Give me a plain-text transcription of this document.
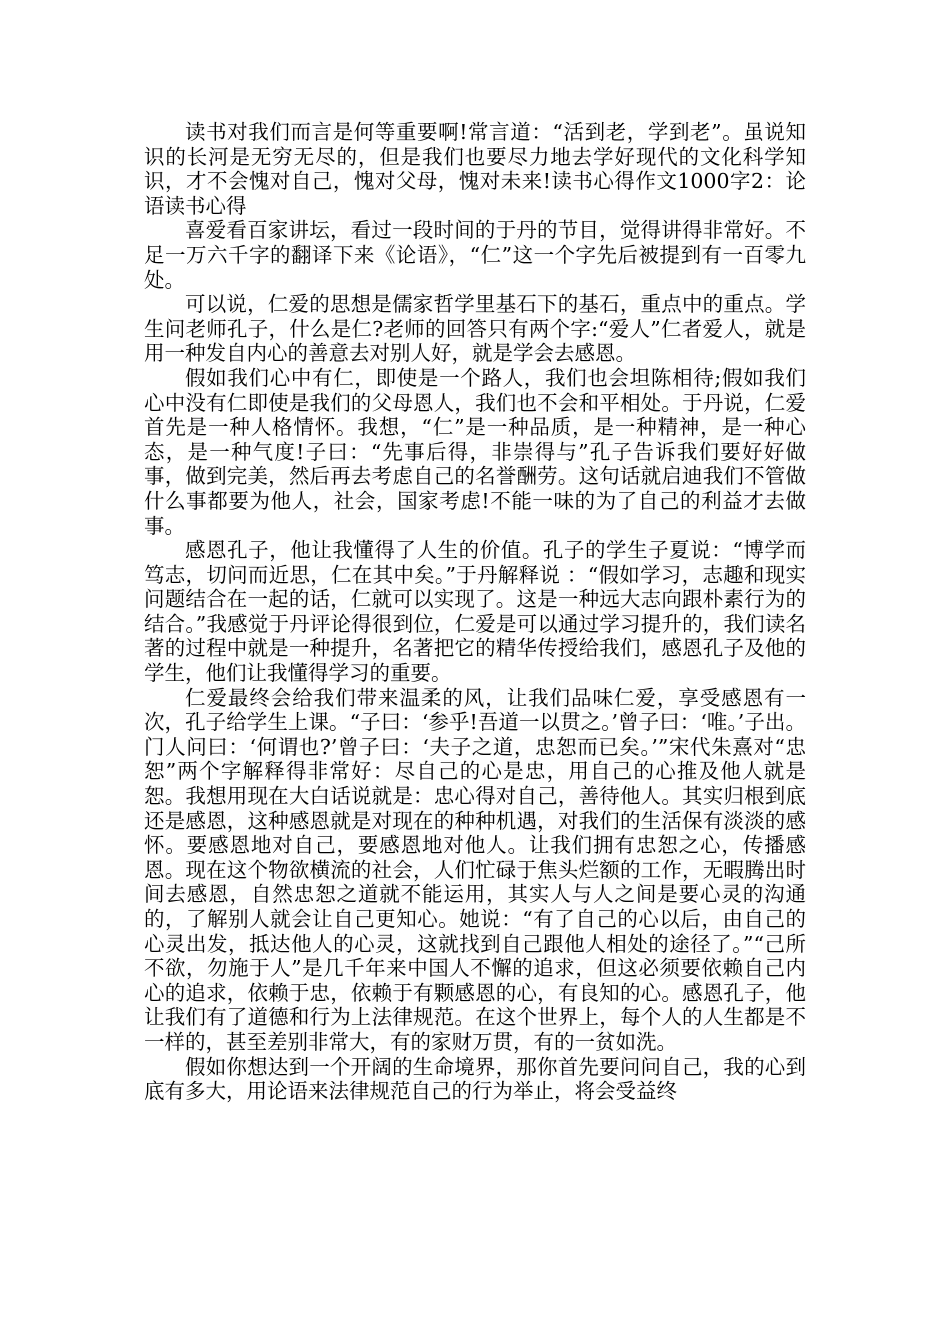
读书对我们而言是何等重要啊!常言道：“活到老，学到老”。虽说知识的长河是无穷无尽的，但是我们也要尽力地去学好现代的文化科学知识，才不会愧对自己，愧对父母，愧对未来!读书心得作文1000字2：论语读书心得

喜爱看百家讲坛，看过一段时间的于丹的节目，觉得讲得非常好。不足一万六千字的翻译下来《论语》，“仁”这一个字先后被提到有一百零九处。

可以说，仁爱的思想是儒家哲学里基石下的基石，重点中的重点。学生问老师孔子，什么是仁?老师的回答只有两个字:“爱人”仁者爱人，就是用一种发自内心的善意去对别人好，就是学会去感恩。

假如我们心中有仁，即使是一个路人，我们也会坦陈相待;假如我们心中没有仁即使是我们的父母恩人，我们也不会和平相处。于丹说，仁爱首先是一种人格情怀。我想，“仁”是一种品质，是一种精神，是一种心态，是一种气度!子曰：“先事后得，非崇得与”孔子告诉我们要好好做事，做到完美，然后再去考虑自己的名誉酬劳。这句话就启迪我们不管做什么事都要为他人，社会，国家考虑!不能一味的为了自己的利益才去做事。

感恩孔子，他让我懂得了人生的价值。孔子的学生子夏说：“博学而笃志，切问而近思，仁在其中矣。”于丹解释说 ：“假如学习，志趣和现实问题结合在一起的话，仁就可以实现了。这是一种远大志向跟朴素行为的结合。”我感觉于丹评论得很到位，仁爱是可以通过学习提升的，我们读名著的过程中就是一种提升，名著把它的精华传授给我们，感恩孔子及他的学生，他们让我懂得学习的重要。

仁爱最终会给我们带来温柔的风，让我们品味仁爱，享受感恩有一次，孔子给学生上课。“子曰：‘参乎!吾道一以贯之。’曾子曰：‘唯。’子出。门人问曰：‘何谓也?’曾子曰：‘夫子之道，忠恕而已矣。’”宋代朱熹对“忠恕”两个字解释得非常好：尽自己的心是忠，用自己的心推及他人就是恕。我想用现在大白话说就是：忠心得对自己，善待他人。其实归根到底还是感恩，这种感恩就是对现在的种种机遇，对我们的生活保有淡淡的感怀。要感恩地对自己，要感恩地对他人。让我们拥有忠恕之心，传播感恩。现在这个物欲横流的社会，人们忙碌于焦头烂额的工作，无暇腾出时间去感恩，自然忠恕之道就不能运用，其实人与人之间是要心灵的沟通的，了解别人就会让自己更知心。她说：“有了自己的心以后，由自己的心灵出发，抵达他人的心灵，这就找到自己跟他人相处的途径了。”“己所不欲，勿施于人”是几千年来中国人不懈的追求，但这必须要依赖自己内心的追求，依赖于忠，依赖于有颗感恩的心，有良知的心。感恩孔子，他让我们有了道德和行为上法律规范。在这个世界上，每个人的人生都是不一样的，甚至差别非常大，有的家财万贯，有的一贫如洗。

假如你想达到一个开阔的生命境界，那你首先要问问自己，我的心到底有多大，用论语来法律规范自己的行为举止，将会受益终
